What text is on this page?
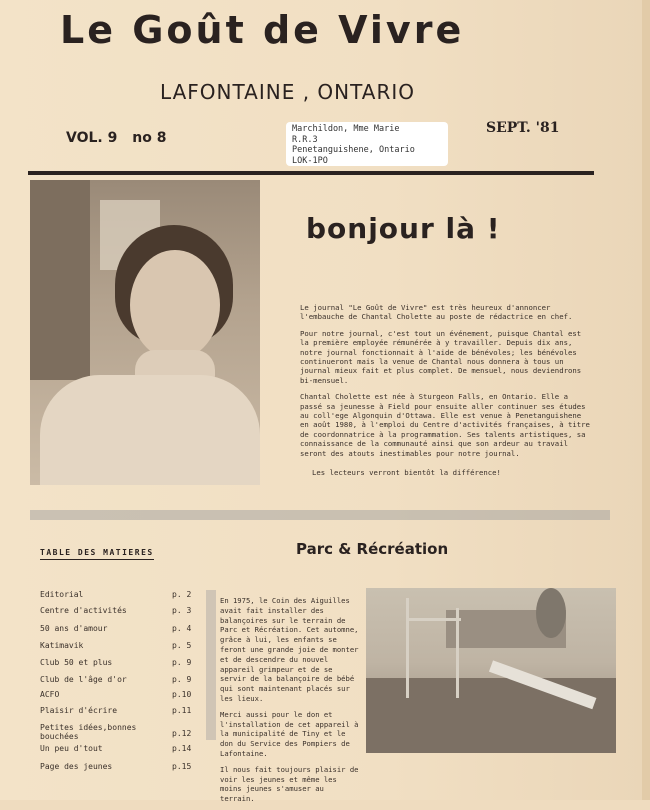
Le Goût de Vivre
LAFONTAINE , ONTARIO
VOL. 9 no 8
Marchildon, Mme Marie
R.R.3
Penetanguishene, Ontario
LOK-1PO
SEPT. '81
bonjour là !

Le journal "Le Goût de Vivre" est très heureux d'annoncer l'embauche de Chantal Cholette au poste de rédactrice en chef.

Pour notre journal, c'est tout un événement, puisque Chantal est la première employée rémunérée à y travailler. Depuis dix ans, notre journal fonctionnait à l'aide de bénévoles; les bénévoles continueront mais la venue de Chantal nous donnera à tous un journal mieux fait et plus complet. De mensuel, nous deviendrons bi-mensuel.

Chantal Cholette est née à Sturgeon Falls, en Ontario. Elle a passé sa jeunesse à Field pour ensuite aller continuer ses études au coll'ege Algonquin d'Ottawa. Elle est venue à Penetanguishene en août 1980, à l'emploi du Centre d'activités françaises, à titre de coordonnatrice à la programmation. Ses talents artistiques, sa connaissance de la communauté ainsi que son ardeur au travail seront des atouts inestimables pour notre journal.

Les lecteurs verront bientôt la différence!

TABLE DES MATIERES
Editorial	p. 2
Centre d'activités	p. 3
50 ans d'amour	p. 4
Katimavik	p. 5
Club 50 et plus	p. 9
Club de l'âge d'or	p. 9
ACFO	p.10
Plaisir d'écrire	p.11
Petites idées,bonnes bouchées	p.12
Un peu d'tout	p.14
Page des jeunes	p.15
Parc & Récréation

En 1975, le Coin des Aiguilles avait fait installer des balançoires sur le terrain de Parc et Récréation. Cet automne, grâce à lui, les enfants se feront une grande joie de monter et de descendre du nouvel appareil grimpeur et de se servir de la balançoire de bébé qui sont maintenant placés sur les lieux.

Merci aussi pour le don et l'installation de cet appareil à la municipalité de Tiny et le don du Service des Pompiers de Lafontaine.

Il nous fait toujours plaisir de voir les jeunes et même les moins jeunes s'amuser au terrain.
